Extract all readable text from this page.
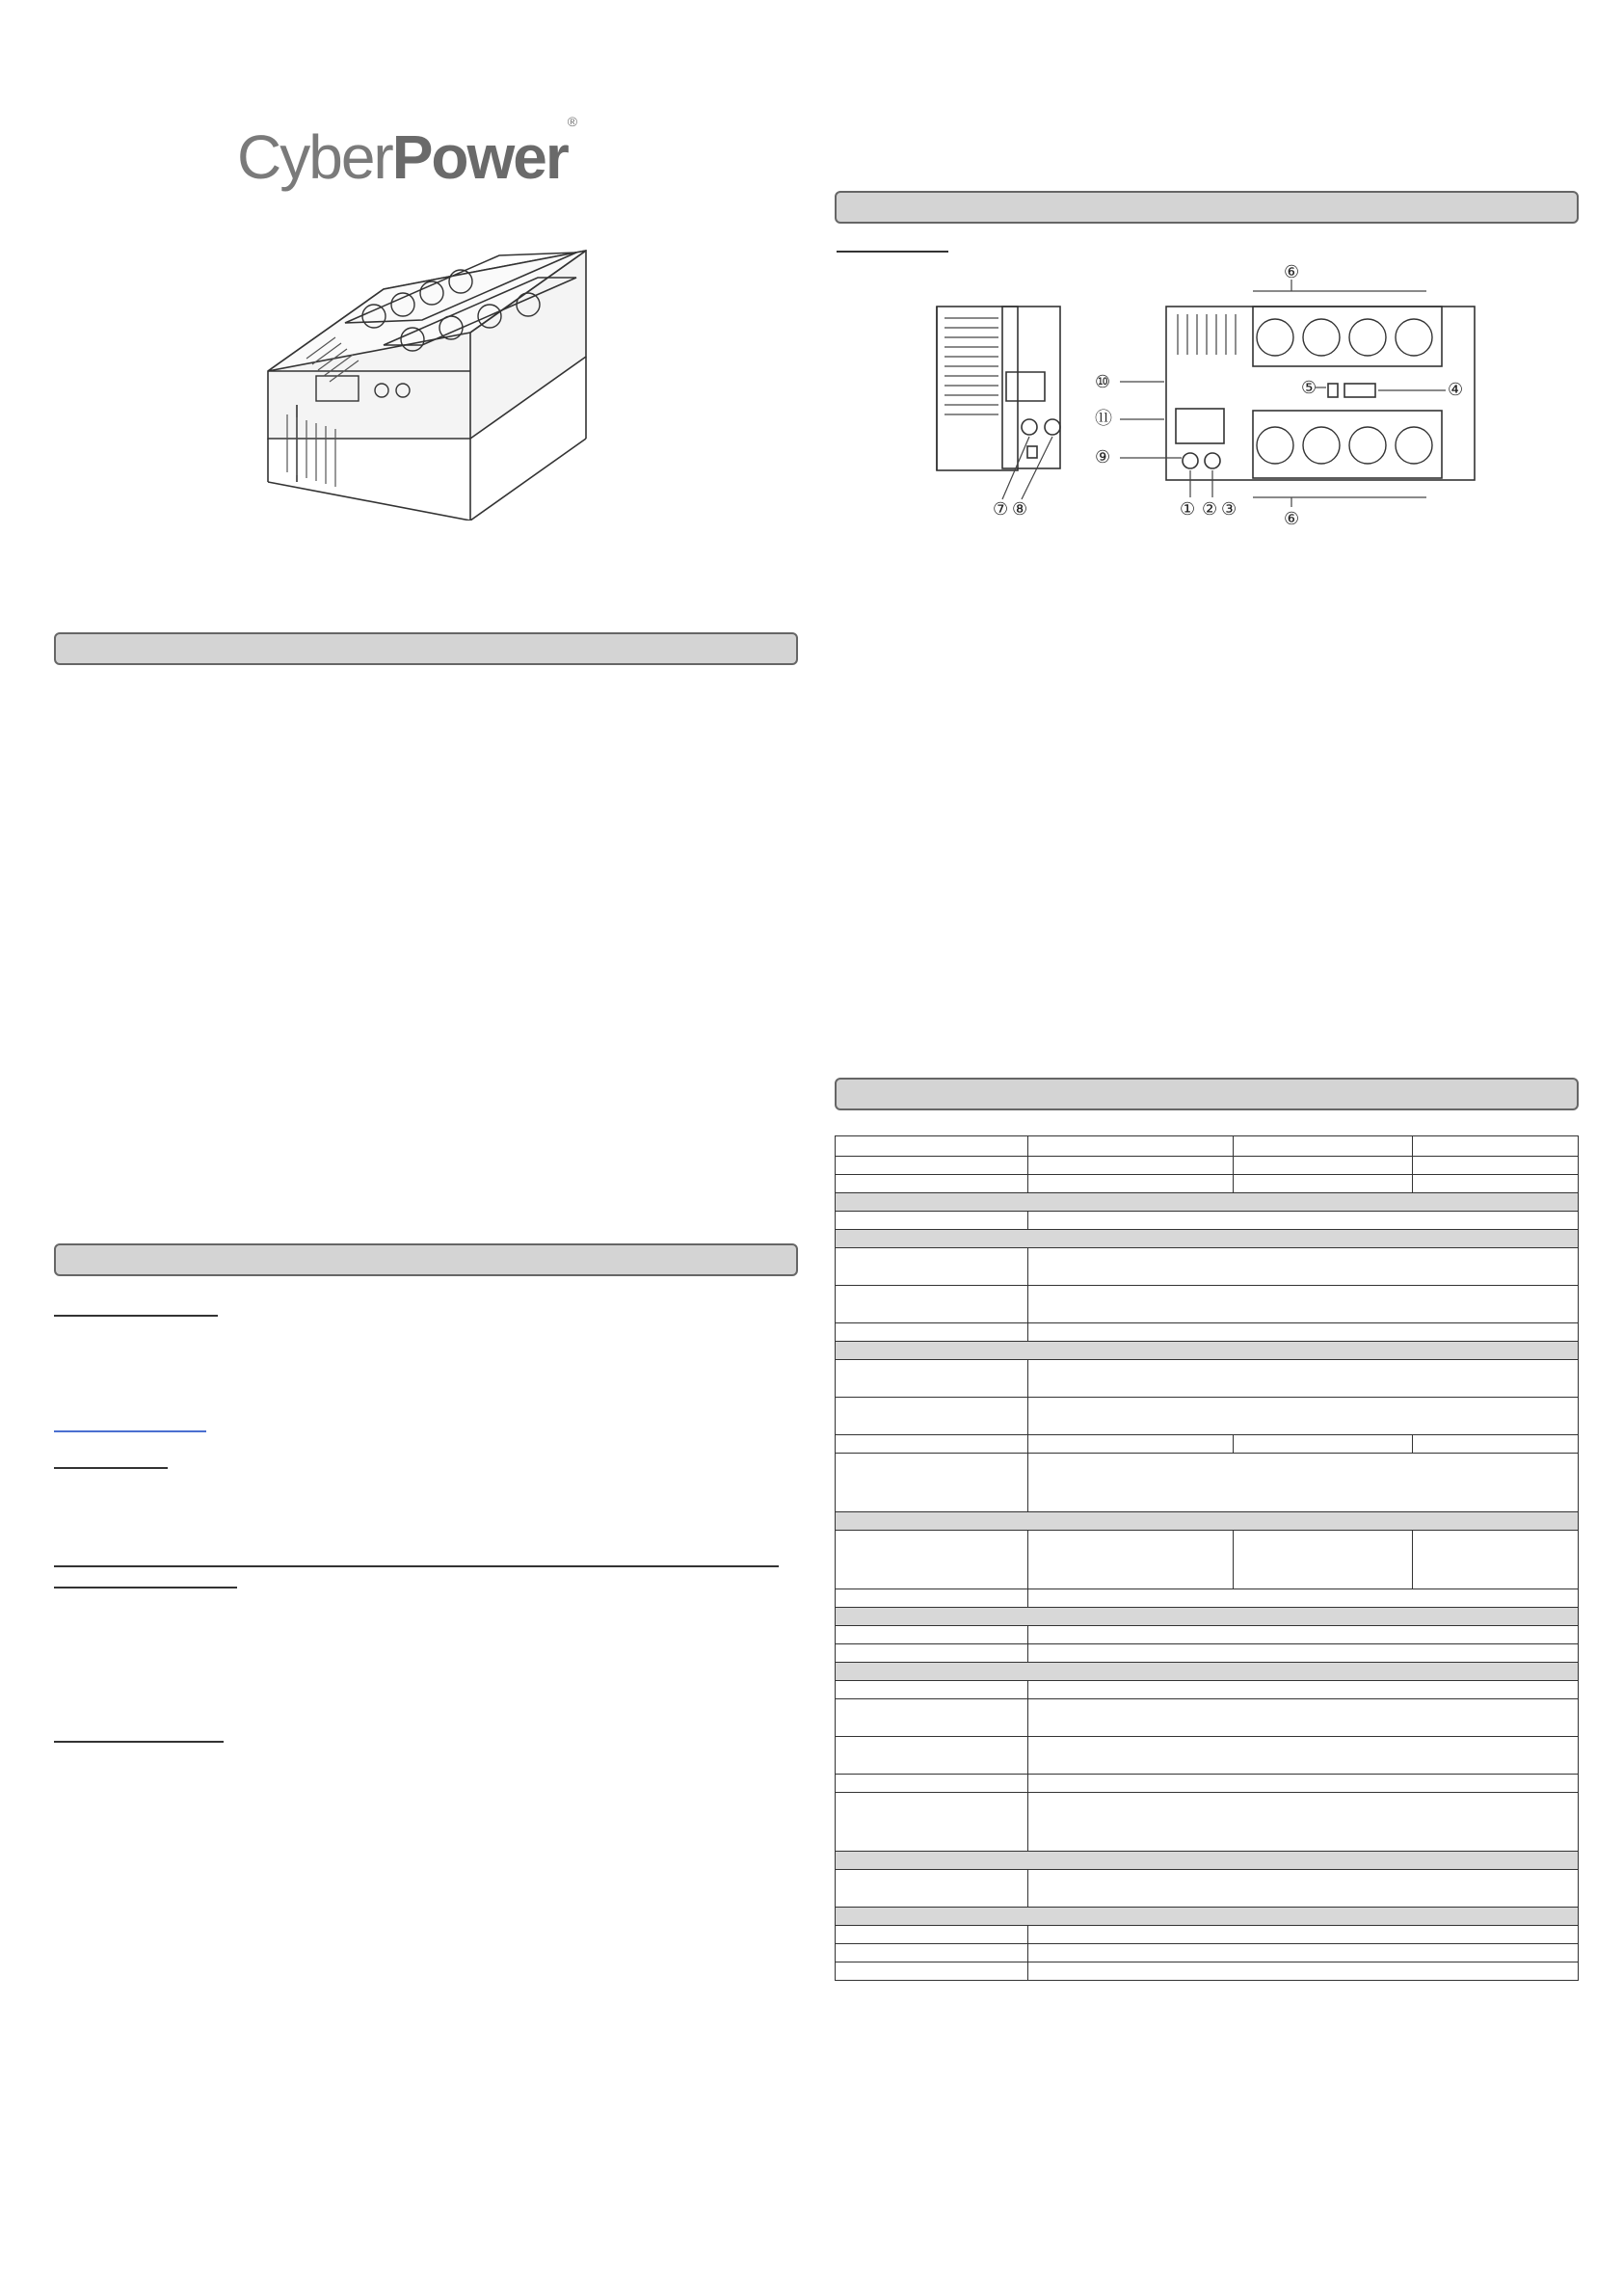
CyberPower®
⑥
⑩	⑤	④
⑪
⑨
⑦ ⑧	① ② ③	⑥
